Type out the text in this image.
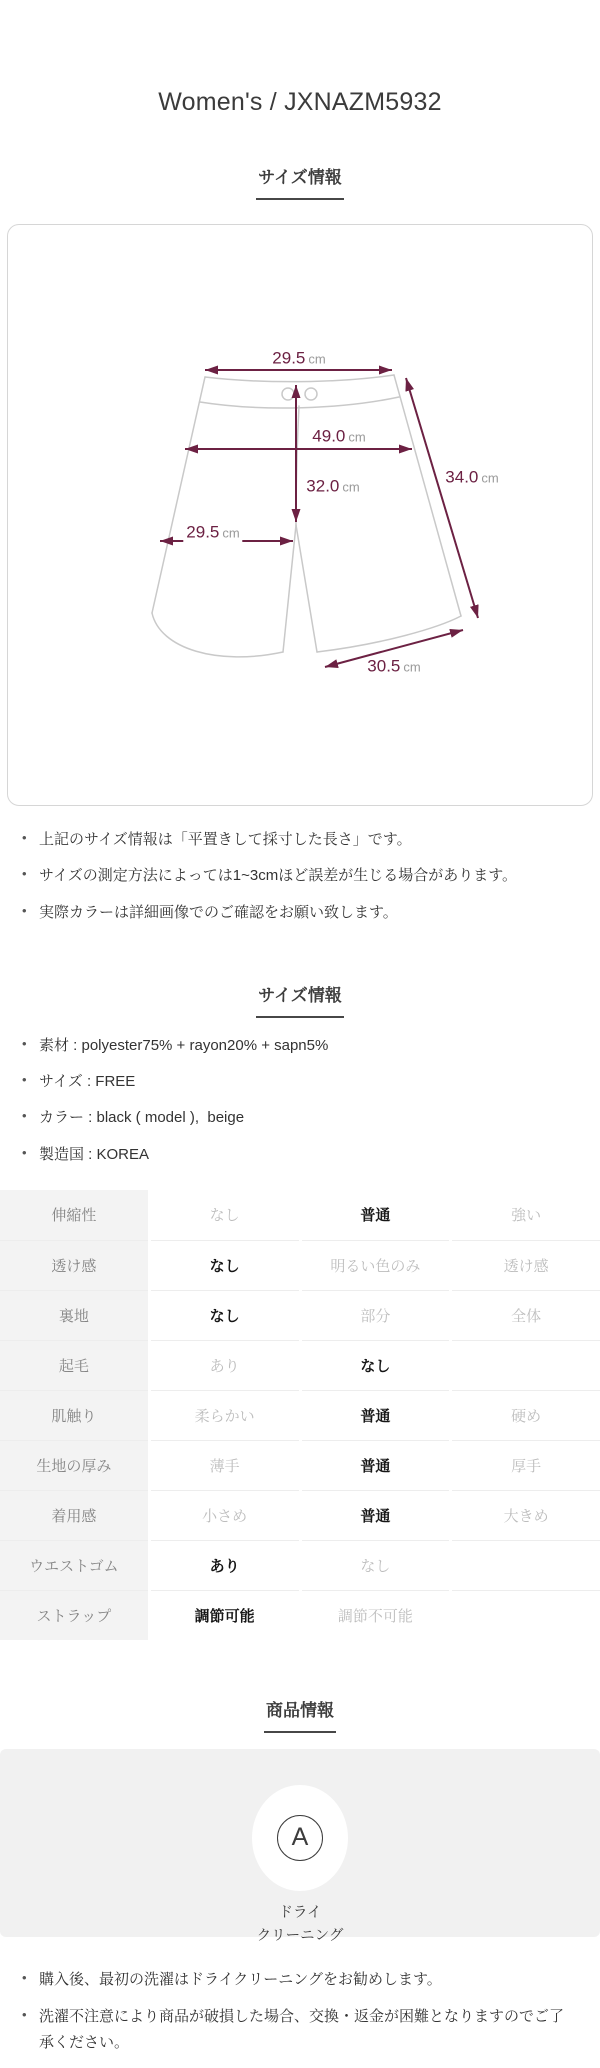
Women's / JXNAZM5932
サイズ情報
29.5 cm
49.0 cm
32.0 cm
34.0 cm
29.5 cm
30.5 cm
• 上記のサイズ情報は「平置きして採寸した長さ」です。
• サイズの測定方法によっては1~3cmほど誤差が生じる場合があります。
• 実際カラーは詳細画像でのご確認をお願い致します。
サイズ情報
• 素材 : polyester75% + rayon20% + sapn5%
• サイズ : FREE
• カラー : black ( model ),  beige
• 製造国 : KOREA
伸縮性	なし	普通	強い
透け感	なし	明るい色のみ	透け感
裏地	なし	部分	全体
起毛	あり	なし
肌触り	柔らかい	普通	硬め
生地の厚み	薄手	普通	厚手
着用感	小さめ	普通	大きめ
ウエストゴム	あり	なし
ストラップ	調節可能	調節不可能
商品情報
A
ドライ
クリーニング
• 購入後、最初の洗濯はドライクリーニングをお勧めします。
• 洗濯不注意により商品が破損した場合、交換・返金が困難となりますのでご了承ください。
